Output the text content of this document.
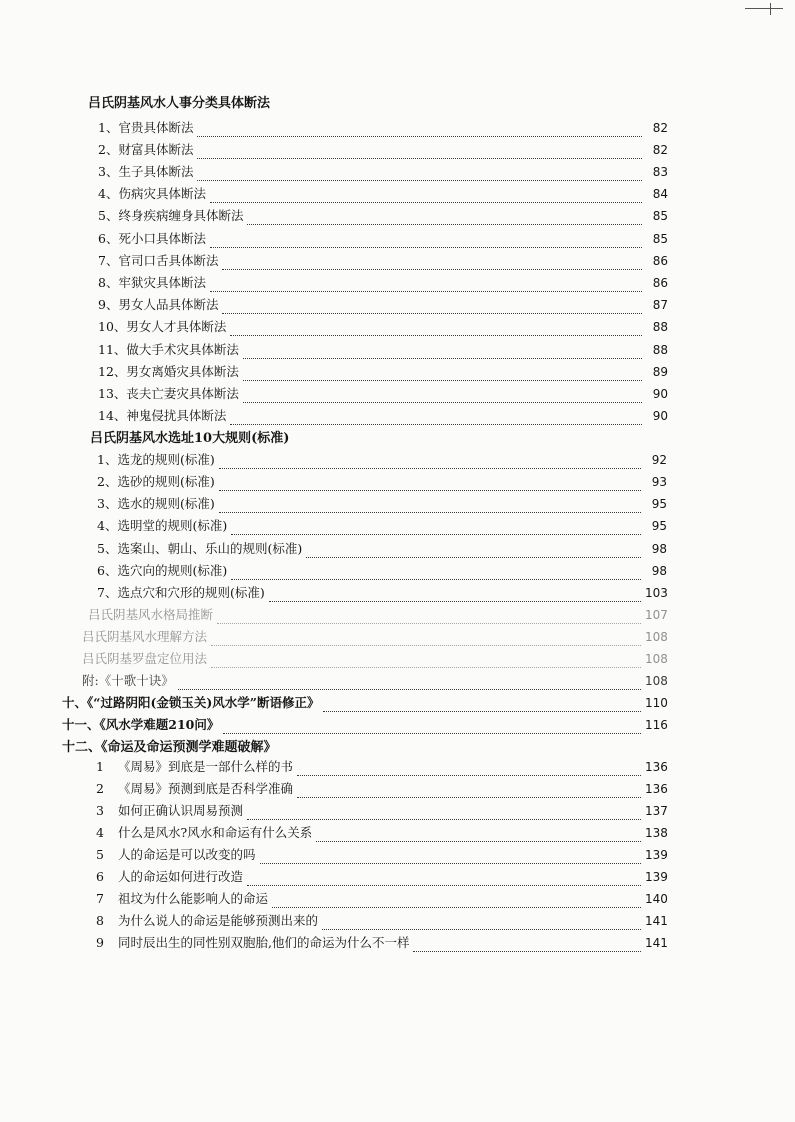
吕氏阴基风水人事分类具体断法
1、官贵具体断法	82
2、财富具体断法	82
3、生子具体断法	83
4、伤病灾具体断法	84
5、终身疾病缠身具体断法	85
6、死小口具体断法	85
7、官司口舌具体断法	86
8、牢狱灾具体断法	86
9、男女人品具体断法	87
10、男女人才具体断法	88
11、做大手术灾具体断法	88
12、男女离婚灾具体断法	89
13、丧夫亡妻灾具体断法	90
14、神鬼侵扰具体断法	90
吕氏阴基风水选址10大规则(标准)
1、选龙的规则(标准)	92
2、选砂的规则(标准)	93
3、选水的规则(标准)	95
4、选明堂的规则(标准)	95
5、选案山、朝山、乐山的规则(标准)	98
6、选穴向的规则(标准)	98
7、选点穴和穴形的规则(标准)	103
吕氏阴基风水格局推断	107
吕氏阴基风水理解方法	108
吕氏阴基罗盘定位用法	108
附:《十歌十诀》	108
十、《“过路阴阳(金锁玉关)风水学”断语修正》	110
十一、《风水学难题210问》	116
十二、《命运及命运预测学难题破解》
1	《周易》到底是一部什么样的书	136
2	《周易》预测到底是否科学准确	136
3	如何正确认识周易预测	137
4	什么是风水?风水和命运有什么关系	138
5	人的命运是可以改变的吗	139
6	人的命运如何进行改造	139
7	祖坟为什么能影响人的命运	140
8	为什么说人的命运是能够预测出来的	141
9	同时辰出生的同性别双胞胎,他们的命运为什么不一样	141
